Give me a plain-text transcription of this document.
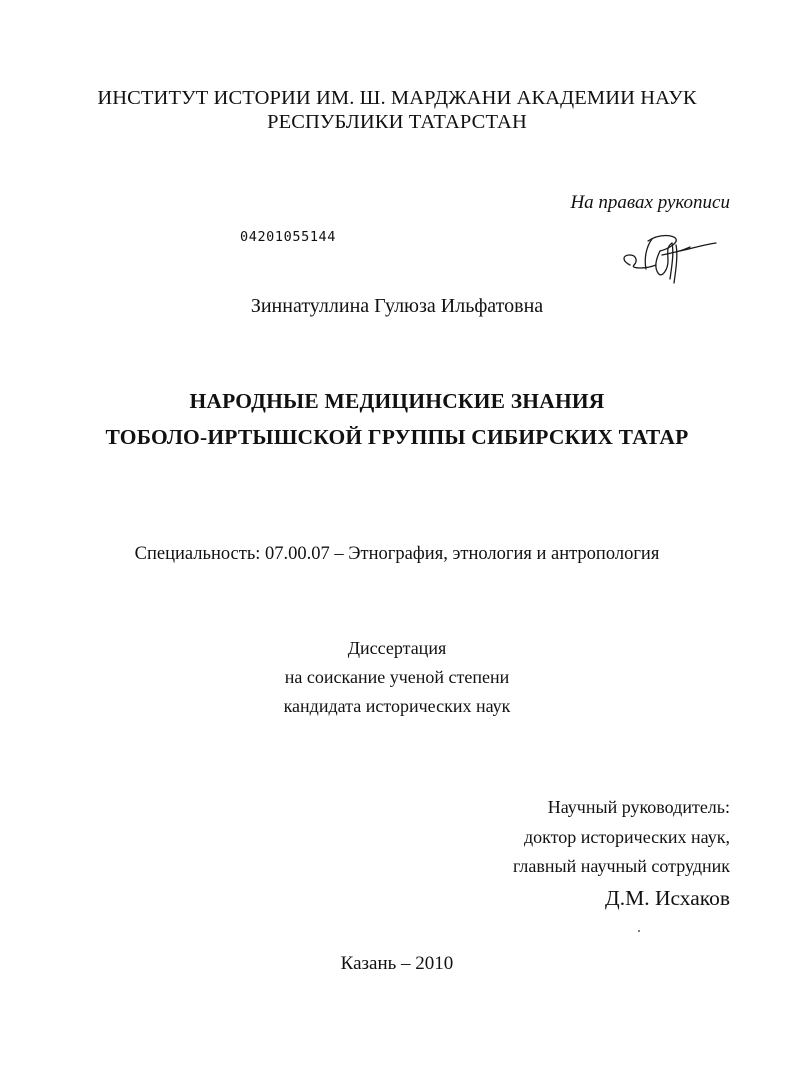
ИНСТИТУТ ИСТОРИИ ИМ. Ш. МАРДЖАНИ АКАДЕМИИ НАУК
РЕСПУБЛИКИ ТАТАРСТАН
На правах рукописи
04201055144
Зиннатуллина Гулюза Ильфатовна
НАРОДНЫЕ МЕДИЦИНСКИЕ ЗНАНИЯ
ТОБОЛО-ИРТЫШСКОЙ ГРУППЫ СИБИРСКИХ ТАТАР
Специальность: 07.00.07 – Этнография, этнология и антропология
Диссертация
на соискание ученой степени
кандидата исторических наук
Научный руководитель:
доктор исторических наук,
главный научный сотрудник
Д.М. Исхаков
Казань – 2010
